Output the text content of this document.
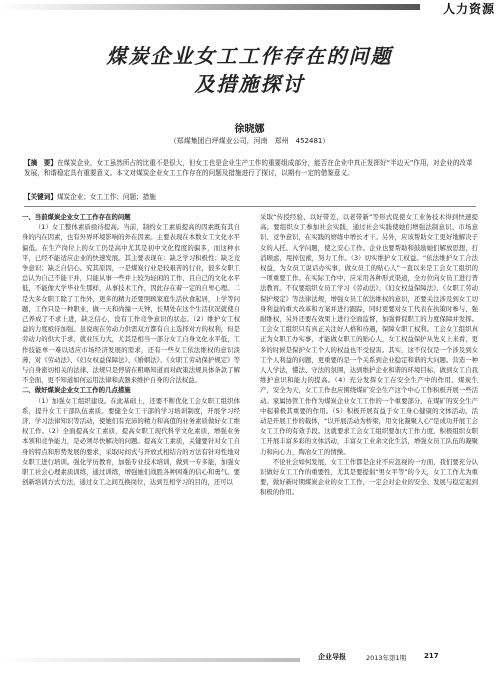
人力资源
煤炭企业女工工作存在的问题
及措施探讨
徐晓娜
（郑煤集团白坪煤业公司，河南　郑州　452481）
【摘　要】在煤炭企业，女工虽然所占的比重不是很大，但女工也是企业生产工作的重要组成部分，能否在企业中真正发挥好“半边天”作用，对企业的改革发展，和谐稳定具有重要意义。本文对煤炭企业女工工作存在的问题及措施进行了探讨，以期有一定的借鉴意义。
【关键词】煤炭企业；女工工作；问题；措施

一、当前煤炭企业女工工作存在的问题

（1）女工整体素质亟待提高。当前，制约女工素质提高的因素既有其自身的内在因素，也有外界环境影响的外在因素。主要表现在本数女工文化水平偏低。在生产岗位上的女工仍是高中尤其是初中文化程度的偏多，而这种水平，已经不能适应企业的快速发展。其主要表现在：缺乏学习积极性；缺乏竞争意识；缺乏自信心。究其原因，一是煤炭行业是较艰苦的行业，很多女职工总认为自己不能干并，只能从事一些并上较为轻闲的工作，且自己的文化水平低，不能像大学毕业生那样，从事技术工作，因此存在着一定的自卑心理。二是大多女职工除了工作外，更多的精力还要照顾家庭生活伙食起居，上学等问题，工作只是一种职业，做一天和尚撞一天钟，长期处在这个生活状况就使自己养成了不求上进，缺乏信心，没有工作竞争意识的状态。（2）维护女工权益的力度亟待加强。虽说现在劳动力供需双方都有自主选择对方的权利，但是劳动力的供大于求，就业压力大，尤其是相当一部分女工自身文化水平低，工作技能单一难以适应市场经济发展的需求，还有一些女工依法维权的意识淡薄，对《劳动法》、《妇女权益保障法》、《婚姻法》、《女职工劳动保护规定》等与自身密切相关的法律、法规只是停留在粗略知道而对政策法规具体条款了解不全面，更不知道如何运用法律和武器来维护自身的合法权益。

二、做好煤炭企业女工工作的几点措施

（1）加强女工组织建设。在此基础上，还要不断优化工会女职工组织体系，提升女工干部队伍素质。要健全女工干部的学习培训制度，开展学习经济、学习法律知识等活动，使她们有充沛的精力和高值的业务素质做好女工维权工作。（2）全面提高女工素质，提高女职工现代科学文化素质，增强业务本领和竞争能力，是必须尽快解决的问题。提高女工素质，关键要针对女工自身的特点和形势发展的要求，采取时间式与开放式相结合的方法有针对性地对女职工进行培训。强化学历教育，加强专业技术培训，做到一专多能，加强女职工社会心理素质训练，通过训练，增强她们战胜各种困难的信心和勇气。要创新培训方式方法，通过女工之间互换岗位，达到互相学习的目的，还可以

采取“传授经验、以好带差、以老带新”等形式促使女工业务技术得到快速提高。要组织女工参加社会实践，通过社会实践使她们增强法制意识、市场意识、竞争意识，在实践的磨练中增长才干。另外，应该帮助女工更好地解决子女的入托、入学问题，使之安心工作。企业也要帮助和鼓励她们解放思想，打消顾虑，甩掉包袱，努力工作。（3）切实维护女工权益。“依法维护女工合法权益，为女员工说话办实事，做女员工的贴心人”一直以来是工会女工组织的一项重要工作。在实际工作中，应采用各种形式渠道，全方位向女员工进行普法教育。不仅要组织女员工学习《劳动法》、《妇女权益保障法》、《女职工劳动保护规定》等法律法规，增强女员工依法维权的意识，还要关注涉及到女工切身利益的重大改革和方案并进行跟踪，同时更要对女工代表在执策时参与、强耐维权，另外还要在效果上进行全面监督，加强督促职工的力度保障并发挥。工会女工组织只有真正关注好人格和待遇，保障女职工权利。工会女工组织真正为女职工办实事，才能做女职工的贴心人，女工权益保护从先义上来看，更多的时候是保护女工个人的权益也不受侵害。其实，这不仅仅是一个涉及到女工个人利益的问题，更重要的是一个关系到企业稳定和谐的大问题。营造一种人人学法，懂法、守法的氛围，达到维护企业和谐的环境目标，做到女工自我维护意识和能力的提高。（4）充分发挥女工在安全生产中的作用。煤炭生产，安全为天，女工工作也应围绕煤矿安全生产这个中心工作积极开展一些活动。家属协管工作作为煤炭企业女工工作的一个重要部分，在煤矿的安全生产中起着极其重要的作用。（5）积极开展有益于女工身心健康的文体活动。活动是开展工作的载体，“以开展活动为桥梁，用文化凝聚人心”是成功开展工会女工工作的有效手段。这就要求工会女工组织要加大工作力度，积极组织女职工开展丰富多彩的文体活动，丰富女工业余文化生活，增强女员工队伍的凝聚力和向心力，陶冶女工的情操。

不论社会如何发展，女工工作都是企业不应忽视的一方面，我们要充分认识做好女工工作的重要性，尤其是要提倡“男女平等”的今天，女工工作尤为重要，做好新时期煤炭企业的女工工作，一定会对企业的安全、发展与稳定起到积极的作用。

企业导报	2013年第1期	217
